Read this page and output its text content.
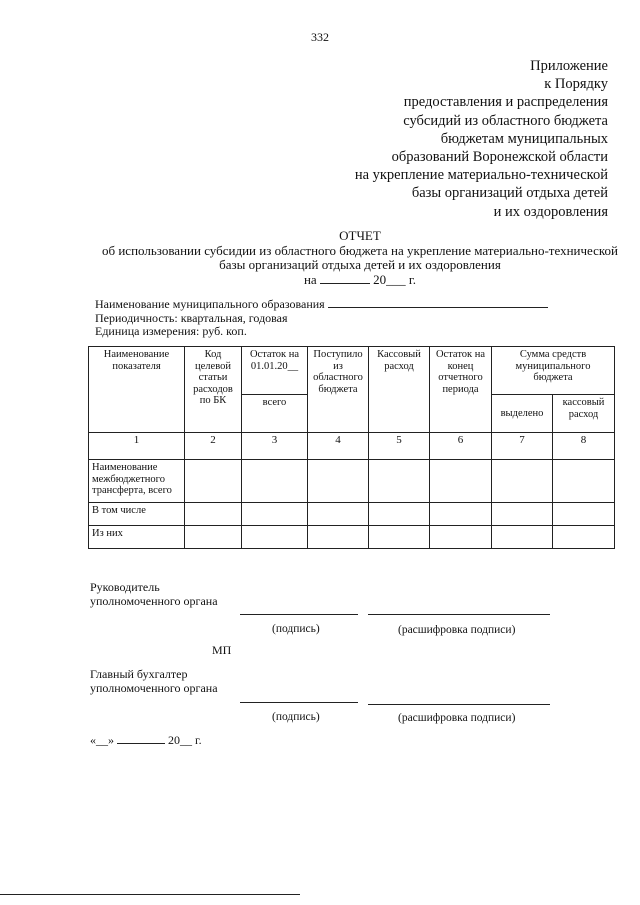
332
Приложение
к Порядку
предоставления и распределения
субсидий из областного бюджета
бюджетам муниципальных
образований Воронежской области
на укрепление материально-технической
базы организаций отдыха детей
и их оздоровления
ОТЧЕТ
об использовании субсидии из областного бюджета на укрепление материально-технической
базы организаций отдыха детей и их оздоровления
на	20___ г.
Наименование муниципального образования
Периодичность: квартальная, годовая
Единица измерения: руб. коп.
Наименование показателя	Код целевой статьи расходов по БК	Остаток на 01.01.20__	Поступило из областного бюджета	Кассовый расход	Остаток на конец отчетного периода	Сумма средств муниципального бюджета	
		всего				выделено	кассовый расход
1	2	3	4	5	6	7	8
Наименование межбюджетного трансферта, всего							
В том числе							
Из них							
Руководитель
уполномоченного органа
(подпись)	(расшифровка подписи)
МП
Главный бухгалтер
уполномоченного органа
(подпись)	(расшифровка подписи)
«__»	20__ г.
